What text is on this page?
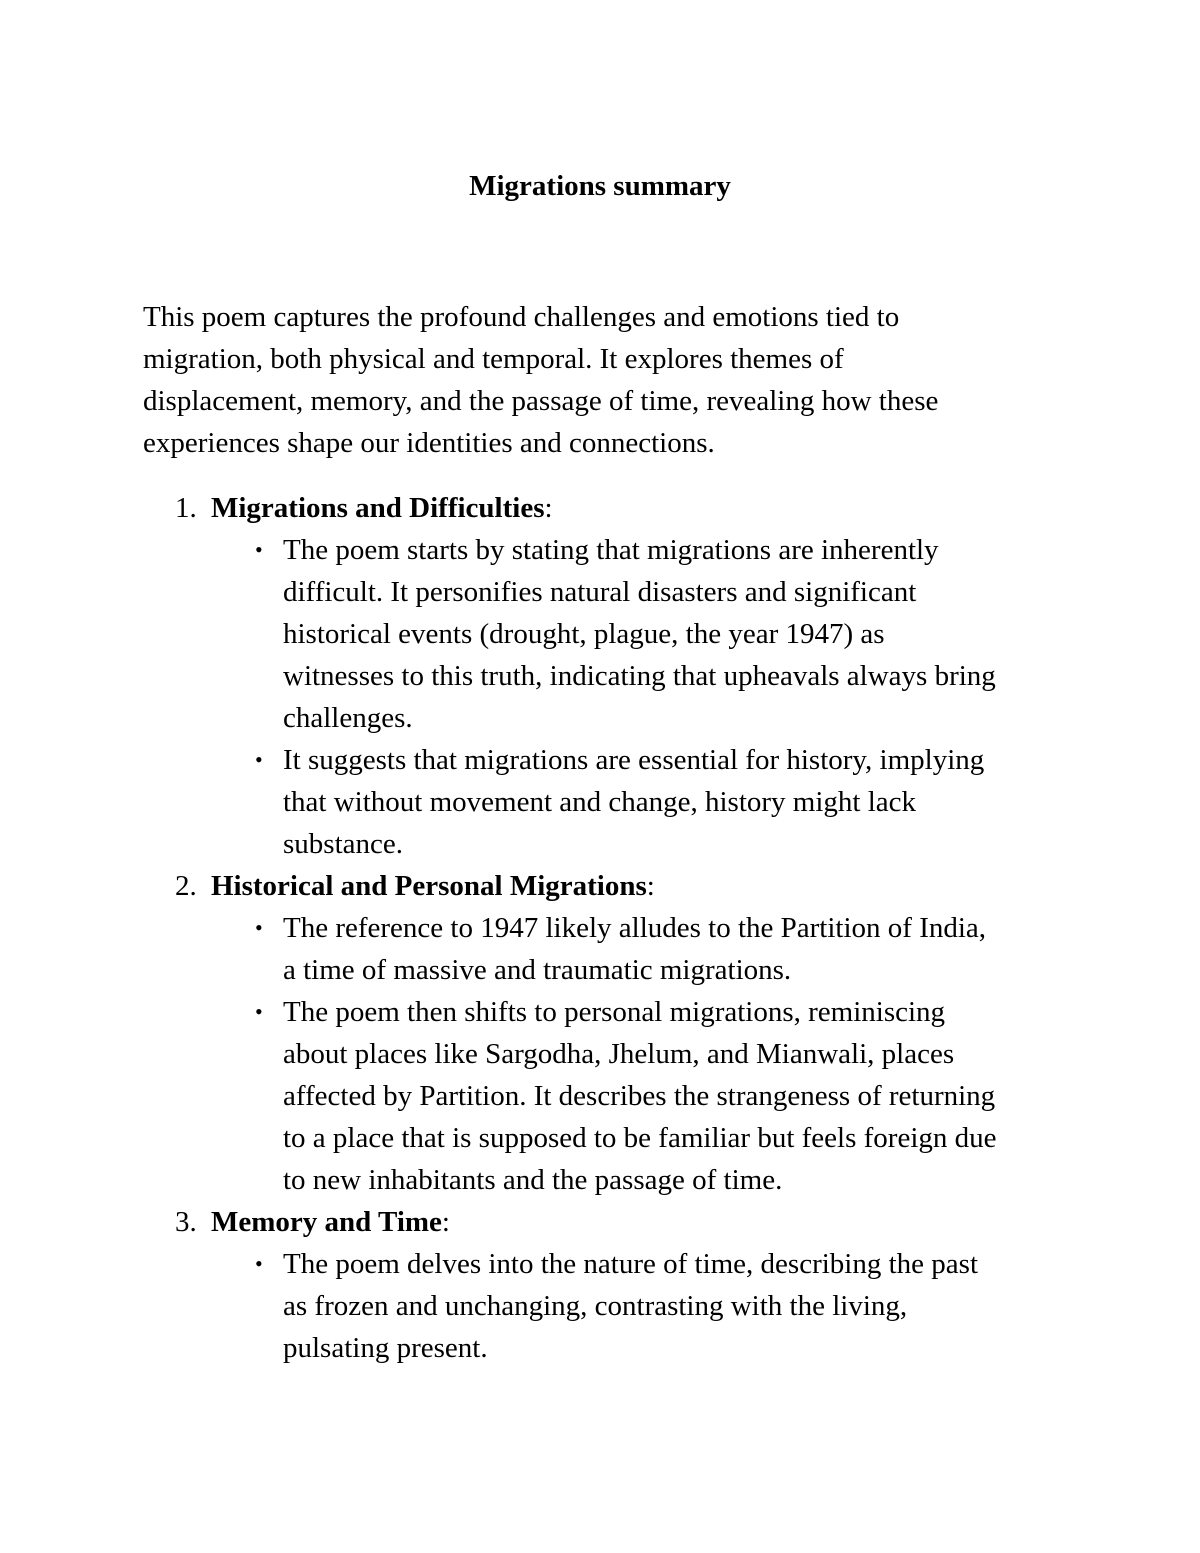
Migrations summary

This poem captures the profound challenges and emotions tied to
migration, both physical and temporal. It explores themes of
displacement, memory, and the passage of time, revealing how these
experiences shape our identities and connections.

1. Migrations and Difficulties:
• The poem starts by stating that migrations are inherently
difficult. It personifies natural disasters and significant
historical events (drought, plague, the year 1947) as
witnesses to this truth, indicating that upheavals always bring
challenges.
• It suggests that migrations are essential for history, implying
that without movement and change, history might lack
substance.
2. Historical and Personal Migrations:
• The reference to 1947 likely alludes to the Partition of India,
a time of massive and traumatic migrations.
• The poem then shifts to personal migrations, reminiscing
about places like Sargodha, Jhelum, and Mianwali, places
affected by Partition. It describes the strangeness of returning
to a place that is supposed to be familiar but feels foreign due
to new inhabitants and the passage of time.
3. Memory and Time:
• The poem delves into the nature of time, describing the past
as frozen and unchanging, contrasting with the living,
pulsating present.
